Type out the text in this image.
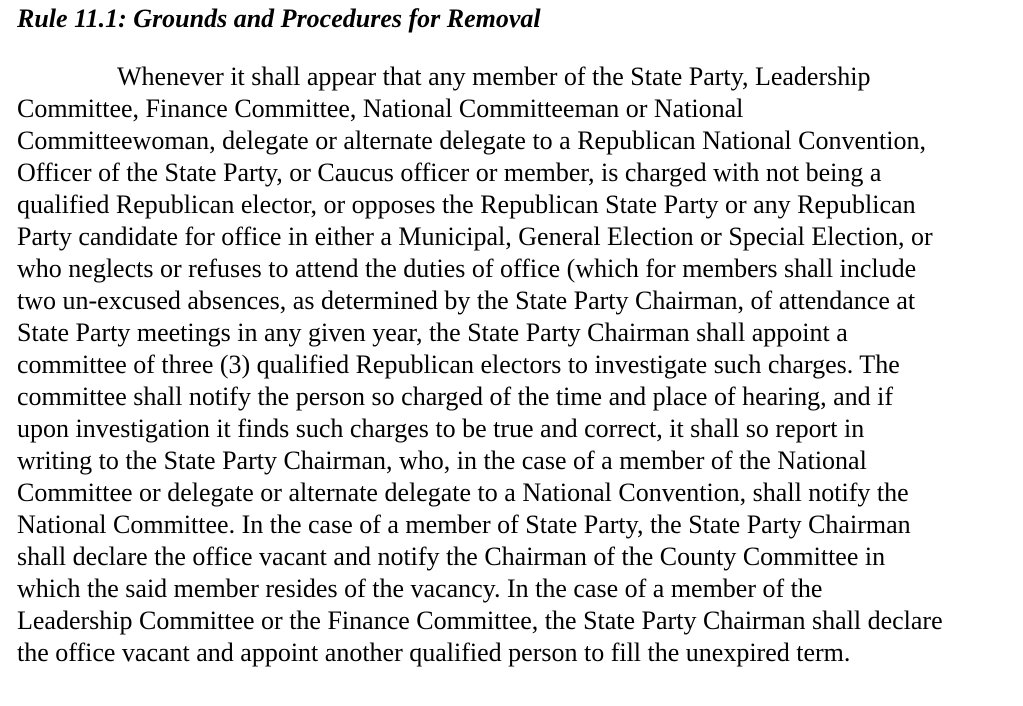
Rule 11.1: Grounds and Procedures for Removal

Whenever it shall appear that any member of the State Party, Leadership

Committee, Finance Committee, National Committeeman or National

Committeewoman, delegate or alternate delegate to a Republican National Convention,

Officer of the State Party, or Caucus officer or member, is charged with not being a

qualified Republican elector, or opposes the Republican State Party or any Republican

Party candidate for office in either a Municipal, General Election or Special Election, or

who neglects or refuses to attend the duties of office (which for members shall include

two un-excused absences, as determined by the State Party Chairman, of attendance at

State Party meetings in any given year, the State Party Chairman shall appoint a

committee of three (3) qualified Republican electors to investigate such charges. The

committee shall notify the person so charged of the time and place of hearing, and if

upon investigation it finds such charges to be true and correct, it shall so report in

writing to the State Party Chairman, who, in the case of a member of the National

Committee or delegate or alternate delegate to a National Convention, shall notify the

National Committee. In the case of a member of State Party, the State Party Chairman

shall declare the office vacant and notify the Chairman of the County Committee in

which the said member resides of the vacancy. In the case of a member of the

Leadership Committee or the Finance Committee, the State Party Chairman shall declare

the office vacant and appoint another qualified person to fill the unexpired term.
